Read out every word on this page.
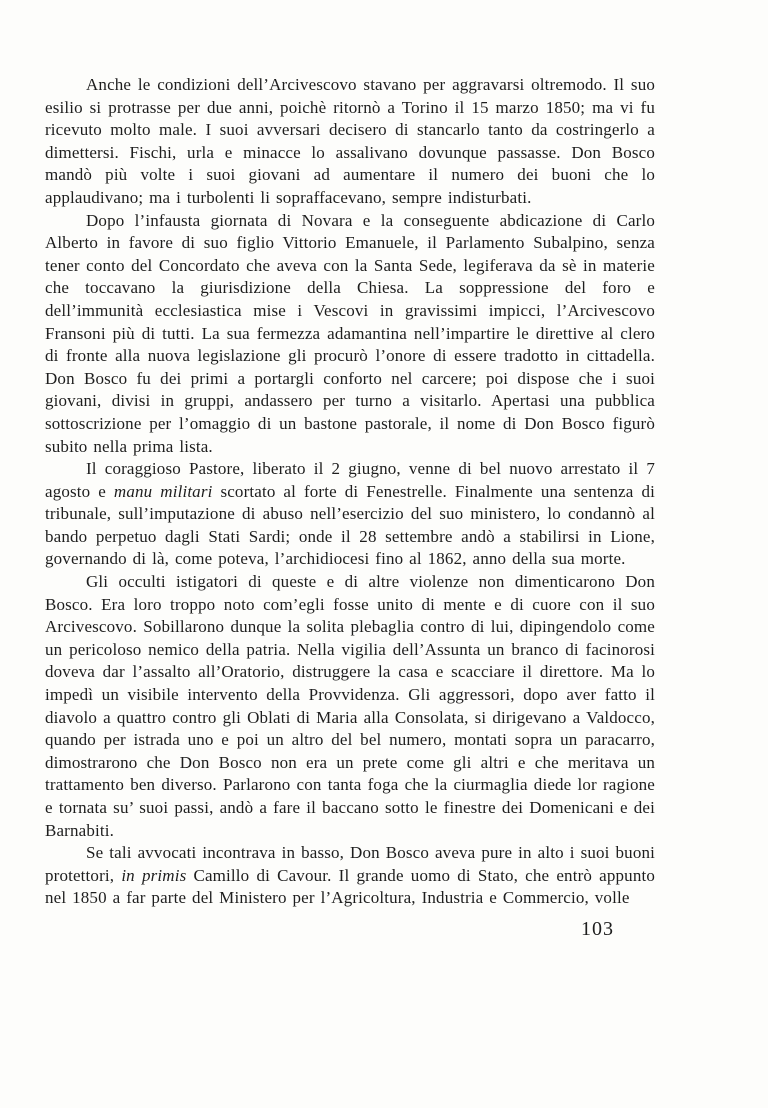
Anche le condizioni dell’Arcivescovo stavano per aggravarsi oltremodo. Il suo esilio si protrasse per due anni, poichè ritornò a Torino il 15 marzo 1850; ma vi fu ricevuto molto male. I suoi avversari decisero di stancarlo tanto da costringerlo a dimettersi. Fischi, urla e minacce lo assalivano dovunque passasse. Don Bosco mandò più volte i suoi giovani ad aumentare il numero dei buoni che lo applaudivano; ma i turbolenti li sopraffacevano, sempre indisturbati.

Dopo l’infausta giornata di Novara e la conseguente abdicazione di Carlo Alberto in favore di suo figlio Vittorio Emanuele, il Parlamento Subalpino, senza tener conto del Concordato che aveva con la Santa Sede, legiferava da sè in materie che toccavano la giurisdizione della Chiesa. La soppressione del foro e dell’immunità ecclesiastica mise i Vescovi in gravissimi impicci, l’Arcivescovo Fransoni più di tutti. La sua fermezza adamantina nell’impartire le direttive al clero di fronte alla nuova legislazione gli procurò l’onore di essere tradotto in cittadella. Don Bosco fu dei primi a portargli conforto nel carcere; poi dispose che i suoi giovani, divisi in gruppi, andassero per turno a visitarlo. Apertasi una pubblica sottoscrizione per l’omaggio di un bastone pastorale, il nome di Don Bosco figurò subito nella prima lista.

Il coraggioso Pastore, liberato il 2 giugno, venne di bel nuovo arrestato il 7 agosto e manu militari scortato al forte di Fenestrelle. Finalmente una sentenza di tribunale, sull’imputazione di abuso nell’esercizio del suo ministero, lo condannò al bando perpetuo dagli Stati Sardi; onde il 28 settembre andò a stabilirsi in Lione, governando di là, come poteva, l’archidiocesi fino al 1862, anno della sua morte.

Gli occulti istigatori di queste e di altre violenze non dimenticarono Don Bosco. Era loro troppo noto com’egli fosse unito di mente e di cuore con il suo Arcivescovo. Sobillarono dunque la solita plebaglia contro di lui, dipingendolo come un pericoloso nemico della patria. Nella vigilia dell’Assunta un branco di facinorosi doveva dar l’assalto all’Oratorio, distruggere la casa e scacciare il direttore. Ma lo impedì un visibile intervento della Provvidenza. Gli aggressori, dopo aver fatto il diavolo a quattro contro gli Oblati di Maria alla Consolata, si dirigevano a Valdocco, quando per istrada uno e poi un altro del bel numero, montati sopra un paracarro, dimostrarono che Don Bosco non era un prete come gli altri e che meritava un trattamento ben diverso. Parlarono con tanta foga che la ciurmaglia diede lor ragione e tornata su’ suoi passi, andò a fare il baccano sotto le finestre dei Domenicani e dei Barnabiti.

Se tali avvocati incontrava in basso, Don Bosco aveva pure in alto i suoi buoni protettori, in primis Camillo di Cavour. Il grande uomo di Stato, che entrò appunto nel 1850 a far parte del Ministero per l’Agricoltura, Industria e Commercio, volle

103
